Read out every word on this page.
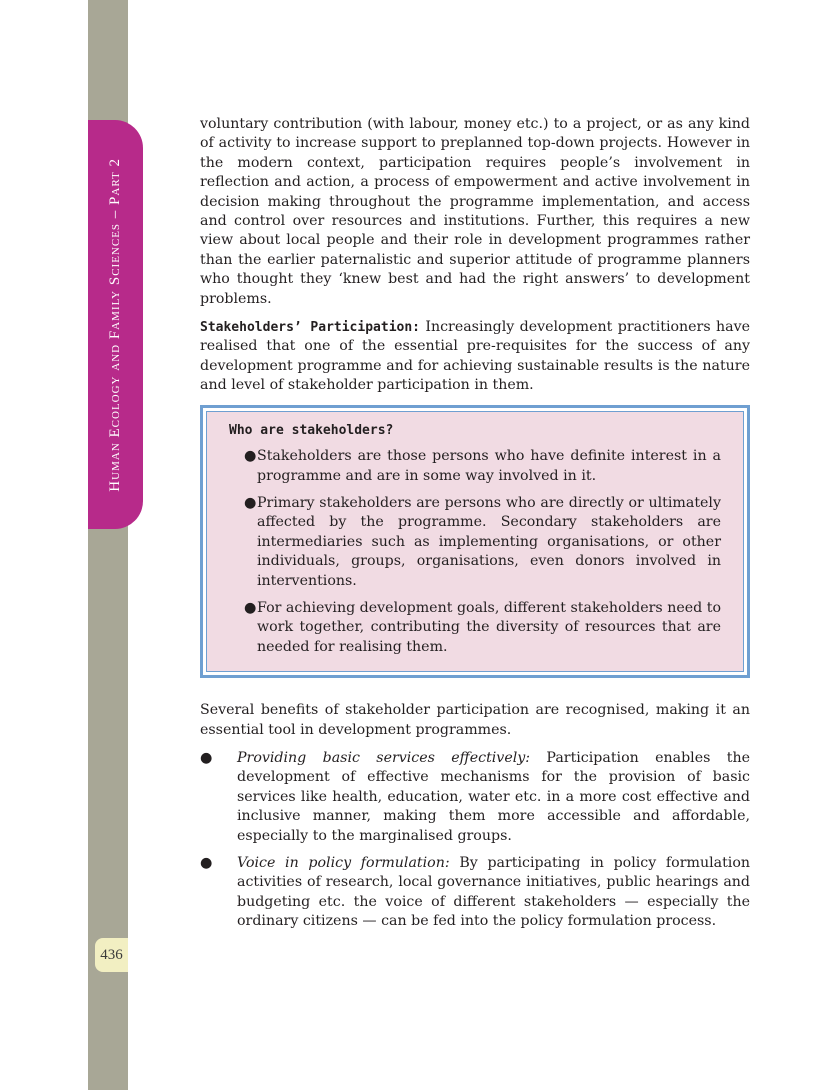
Human Ecology and Family Sciences – Part 2
436

voluntary contribution (with labour, money etc.) to a project, or as any kind of activity to increase support to preplanned top-down projects. However in the modern context, participation requires people’s involvement in reflection and action, a process of empowerment and active involvement in decision making throughout the programme implementation, and access and control over resources and institutions. Further, this requires a new view about local people and their role in development programmes rather than the earlier paternalistic and superior attitude of programme planners who thought they ‘knew best and had the right answers’ to development problems.

Stakeholders’ Participation: Increasingly development practitioners have realised that one of the essential pre-requisites for the success of any development programme and for achieving sustainable results is the nature and level of stakeholder participation in them.

Who are stakeholders?
●Stakeholders are those persons who have definite interest in a programme and are in some way involved in it.
●Primary stakeholders are persons who are directly or ultimately affected by the programme. Secondary stakeholders are intermediaries such as implementing organisations, or other individuals, groups, organisations, even donors involved in interventions.
●For achieving development goals, different stakeholders need to work together, contributing the diversity of resources that are needed for realising them.

Several benefits of stakeholder participation are recognised, making it an essential tool in development programmes.

● Providing basic services effectively: Participation enables the development of effective mechanisms for the provision of basic services like health, education, water etc. in a more cost effective and inclusive manner, making them more accessible and affordable, especially to the marginalised groups.
● Voice in policy formulation: By participating in policy formulation activities of research, local governance initiatives, public hearings and budgeting etc. the voice of different stakeholders — especially the ordinary citizens — can be fed into the policy formulation process.
